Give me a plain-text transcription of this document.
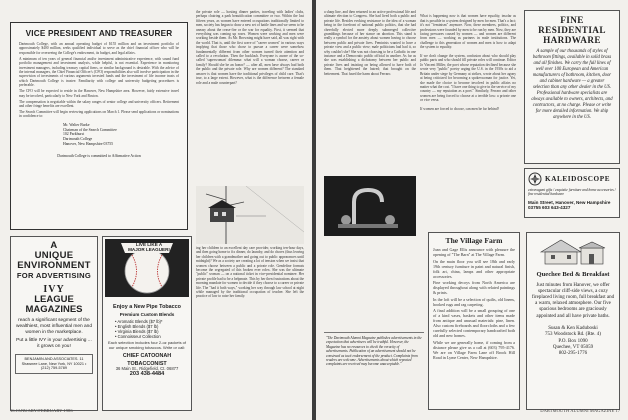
VICE PRESIDENT AND TREASURER

Dartmouth College, with an annual operating budget of $155 million and an investment portfolio of approximately $400 million, seeks qualified individual to serve as the chief financial officer who will be responsible for overseeing the College's endowment, its budget, and legal affairs.

A minimum of ten years of general financial and/or investment administrative experience, with sound fund portfolio management and investment analysis, while helpful, is not essential. Experience in monitoring investment managers, including treasury capital firms, or similar background is desirable. With the advice of the internal managers, the Chief Financial Officer's (CFO) responsibilities also will involve participation in the supervision of investments of various arguments invested funds and the investment of life income trusts of which Dartmouth College is trustee. Familiarity with college and university budgeting procedures is preferable.

The CFO will be expected to reside in the Hanover, New Hampshire area. However, fairly extensive travel may be involved, particularly to New York and Boston.

The compensation is negotiable within the salary ranges of senior college and university officers. Retirement and other fringe benefits are excellent.

The Search Committee will begin reviewing applications on March 1. Please send applications or nominations in confidence to:

Mr. Walter Burke
Chairman of the Search Committee
102 Parkhurst
Dartmouth College
Hanover, New Hampshire 03755
Dartmouth College is committed to Affirmative Action

the private role — hosting dinner parties, traveling with ladies' clubs, perhaps chairing a park beautification committee or two. Within the last fifteen years, as women have entered occupations traditionally limited to men, society has begun to draw a new set of battle lines and we seem to be uneasy about the cease-fire or the war for equality. First, it seemed that everything was coming up roses. Women were working and men were working beside them. As Mr. Browning might have said, all was right with the world. That is, until the first wave of "career women" in various ways implying that those who chose to pursue a career were somehow fundamentally different from other women turned their attention and called to a revolution. Then the backlash. Everyone is aware of the so-called 'superwoman' dilemma: what will a woman choose, career or family? Should she be an honor? — after all, men have always had both the public and the private role. Why are women different? The standard answer is that women have the traditional privileges of child care. That's true, to a large extent. However, what is the difference between a female role and a male counterpart?

ing her children to an excellent day care provider, working ten-hour days, and then going home to fix dinner, do laundry, and do chores (thus leaving her children with a grandmother and going out to public appearances until midnight)? We as a society are creating a lot of tension when we insist that women choose between a public and a private role. Gendefine formats become the segregated of this broken ever rolex. She was the ultimate "public" woman — on a national ticket in vice-presidential nominee. Her private profile had to be a helpmate. This by her then frustrations about the morning mandate for women to decide if they choose to a career or private life. The "had it both ways," working her way through law school at night while managed by the traditional occupation of teacher. She left the practice of law to raise her family.

A
UNIQUE
ENVIRONMENT
FOR ADVERTISING
IVY
LEAGUE
MAGAZINES
reach a significant segment of the wealthiest, most influential men and women in the marketplace.
Put a little IVY in your advertising ... it grows on you!
BENJAMIN AND ASSOCIATES. 11 Shawnee Lane, New York, NY 10021 • (212) 759-5789
LIVE LIKE A
MAJOR LEAGUER!
Enjoy a New Pipe Tobacco
Premium Custom Blends
• Aromatic Blends ($7 lb)*
• English Blends ($7 lb)
• Virginia Blends ($7 lb)
• Connoisseur Collection
Each selection includes four 2-oz packets of our unique smoking tobaccos. Write or call:
CHIEF CATOONAH
TOBACCONIST
36 Main St., Ridgefield, Ct. 06877
203 438-4484
16 JANUARY/FEBRUARY 1986

a sharp line, and then returned to an active professional life and ultimate election to Congress. She had lived both a public and private life. Besides evoking resistance to the idea of a woman being in the forefront of national public politics, that she had cheerfully elected more deeply submerged collective grumblings because of her stance on abortion. This stand is really a symbol for the anxiety about women having to choose between public and private lives. Feminists wanted to have a private view and a public view; male politicians had had it, so why couldn't she? She was not choosing to be a Catholic in one instance and a Democratic public official in another. As far as she was establishing a dichotomy between her public and private lives and insisting on being allowed to have both of them. That heightened the hatred; that brought on the betterment. That fused the harm about Ferraro.

What is happening now is that women have equality, insofar as that is possible in a system designed by men for men. That's a fact; it's not "feminism" anymore. Now, these members, politics, and professions were founded by men to be run by men. Now, they are facing pressures caused by women — and women are different from men — working as partners in male institutions. The challenge to this generation of women and men is how to adapt the system to equality.

If we don't change the system, confusion about who should play public parts and who should fill private roles will continue. Editor Jo Vincent Miller, the poet whose reputation declined because she wrote very "public" poetry urging the U.S. in the 1930s to aid a Britain under siege by Germany at strikes, wrote about her agony at being criticized for becoming a spokeswoman for justice. Yet, she made the choice to become involved in public affairs no matter what the cost. "I have one thing to give in the service of my country — my reputation as a poet." Similarly, Ferraro and other women are being forced to choose at a terrible loss: a private one or vice versa.

If women are forced to choose, can men be far behind?

"The Dartmouth Alumni Magazine publishes advertisements in the expectation that advertisers will be truthful. However, the Magazine has no resources to check the veracity of advertisements. Publication of an advertisement should not be construed as tacit endorsement of the product. Complaints from readers are welcome. Advertisements about which repeated complaints are received may become unacceptable."
FINE
RESIDENTIAL
HARDWARE
A sample of our thousands of styles of bathroom fittings, available in solid brass and all finishes. We carry the full lines of well over 100 European and American manufacturers of bathroom, kitchen, door and cabinet hardware — a greater selection than any other dealer in the US. Professional hardware specialists are always available to owners, architects, and contractors, at no charge. Please or write for more detailed information. We ship anywhere in the US.
KALEIDOSCOPE
extravagant gifts / exquisite furniture and home accessories / fine residential hardware
Main Street, Hanover, New Hampshire 03755 603 643-4327
The Village Farm

Joan and Gage Ellis announce with pleasure the opening of "The Barn" at The Village Farm.

On the main floor you will see 18th and early 19th century furniture in paint and natural finish, folk art, china, lamps and other appropriate accessories.

Fine working decoys from North America are displayed throughout along with related paintings & prints.

In the loft will be a selection of quilts, old linens, hooked rugs and rag carpeting.

A final addition will be a small grouping of one of a kind vases, baskets and other items made from antique and unusual materials: pine, linen. Also custom fireboards and floorcloths and a few carefully selected contemporary handcrafted both old and new homes.

While we are generally home, if coming from a distance please give us a call at (603) 795-4176. We are on Village Farm Lane off Brook Hill Road in Lyme Center, New Hampshire.

Quechee Bed & Breakfast
Just minutes from Hanover, we offer spectacular cliff-side views, a cozy fireplaced living room, full breakfast and a warm, relaxed atmosphere. Our five spacious bedrooms are graciously appointed and all have private baths.
Susan & Ken Kaduboski
753 Woodstock Rd. (Rte. 4)
P.O. Box 1090
Quechee, VT 05059
802-295-1776
DARTMOUTH ALUMNI MAGAZINE 17
